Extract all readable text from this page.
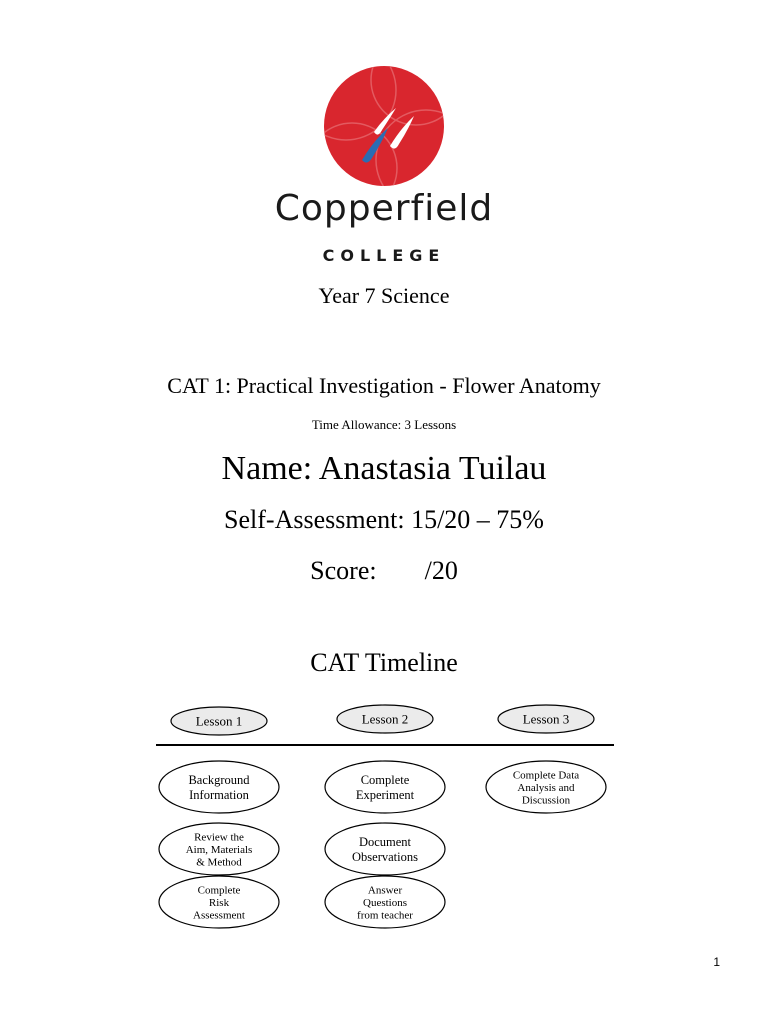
Copperfield
COLLEGE
Year 7 Science
CAT 1: Practical Investigation - Flower Anatomy
Time Allowance: 3 Lessons
Name: Anastasia Tuilau
Self-Assessment: 15/20 – 75%
Score: /20
CAT Timeline
Lesson 1
Background
Information
Review the
Aim, Materials
& Method
Complete
Risk
Assessment
Lesson 2
Complete
Experiment
Document
Observations
Answer
Questions
from teacher
Lesson 3
Complete Data
Analysis and
Discussion
1
